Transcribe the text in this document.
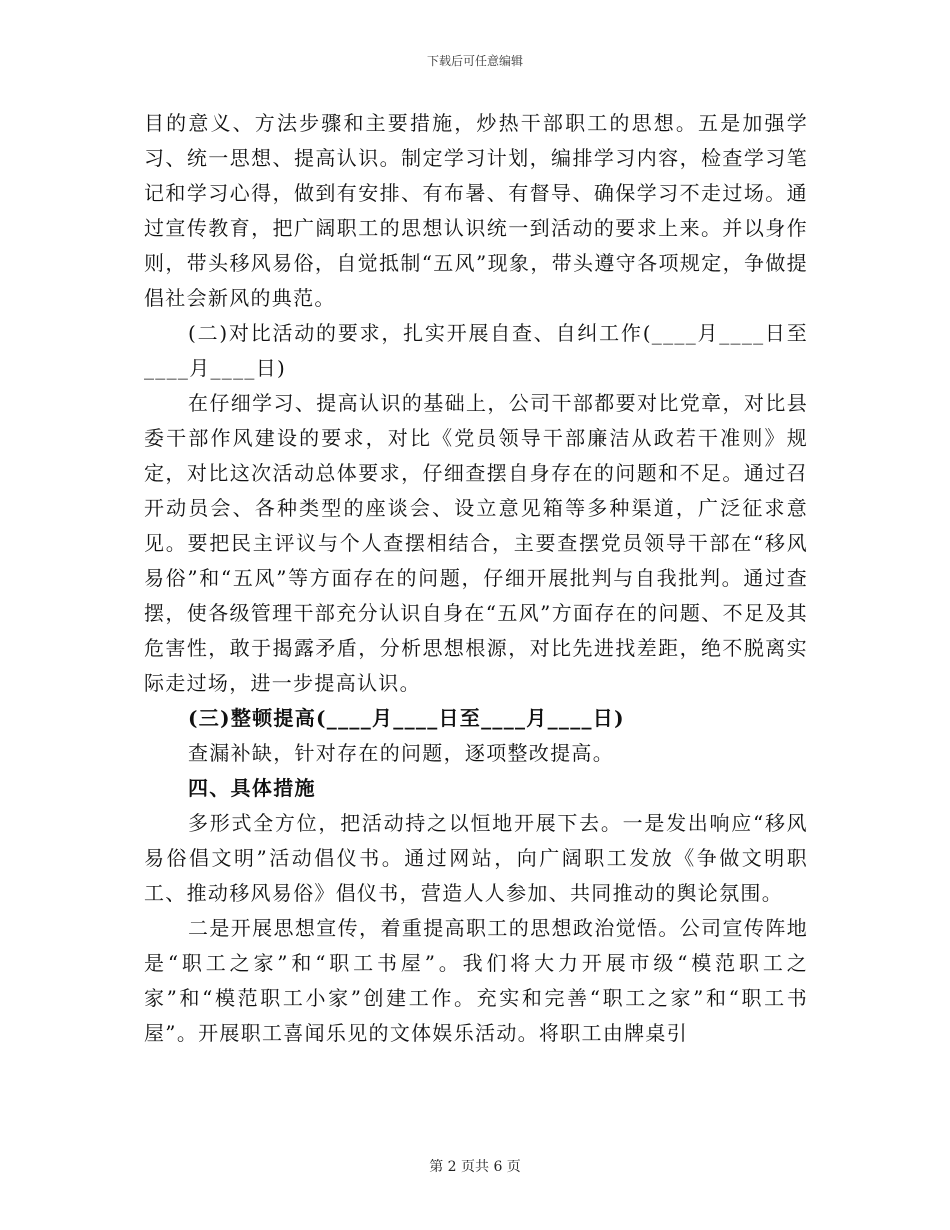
下载后可任意编辑

目的意义、方法步骤和主要措施，炒热干部职工的思想。五是加强学习、统一思想、提高认识。制定学习计划，编排学习内容，检查学习笔记和学习心得，做到有安排、有布暑、有督导、确保学习不走过场。通过宣传教育，把广阔职工的思想认识统一到活动的要求上来。并以身作则，带头移风易俗，自觉抵制“五风”现象，带头遵守各项规定，争做提倡社会新风的典范。

(二)对比活动的要求，扎实开展自查、自纠工作(____月____日至____月____日)

在仔细学习、提高认识的基础上，公司干部都要对比党章，对比县委干部作风建设的要求，对比《党员领导干部廉洁从政若干准则》规定，对比这次活动总体要求，仔细查摆自身存在的问题和不足。通过召开动员会、各种类型的座谈会、设立意见箱等多种渠道，广泛征求意见。要把民主评议与个人查摆相结合，主要查摆党员领导干部在“移风易俗”和“五风”等方面存在的问题，仔细开展批判与自我批判。通过查摆，使各级管理干部充分认识自身在“五风”方面存在的问题、不足及其危害性，敢于揭露矛盾，分析思想根源，对比先进找差距，绝不脱离实际走过场，进一步提高认识。

(三)整顿提高(____月____日至____月____日)

查漏补缺，针对存在的问题，逐项整改提高。

四、具体措施

多形式全方位，把活动持之以恒地开展下去。一是发出响应“移风易俗倡文明”活动倡仪书。通过网站，向广阔职工发放《争做文明职工、推动移风易俗》倡仪书，营造人人参加、共同推动的舆论氛围。

二是开展思想宣传，着重提高职工的思想政治觉悟。公司宣传阵地是“职工之家”和“职工书屋”。我们将大力开展市级“模范职工之家”和“模范职工小家”创建工作。充实和完善“职工之家”和“职工书屋”。开展职工喜闻乐见的文体娱乐活动。将职工由牌桌引

第 2 页共 6 页
